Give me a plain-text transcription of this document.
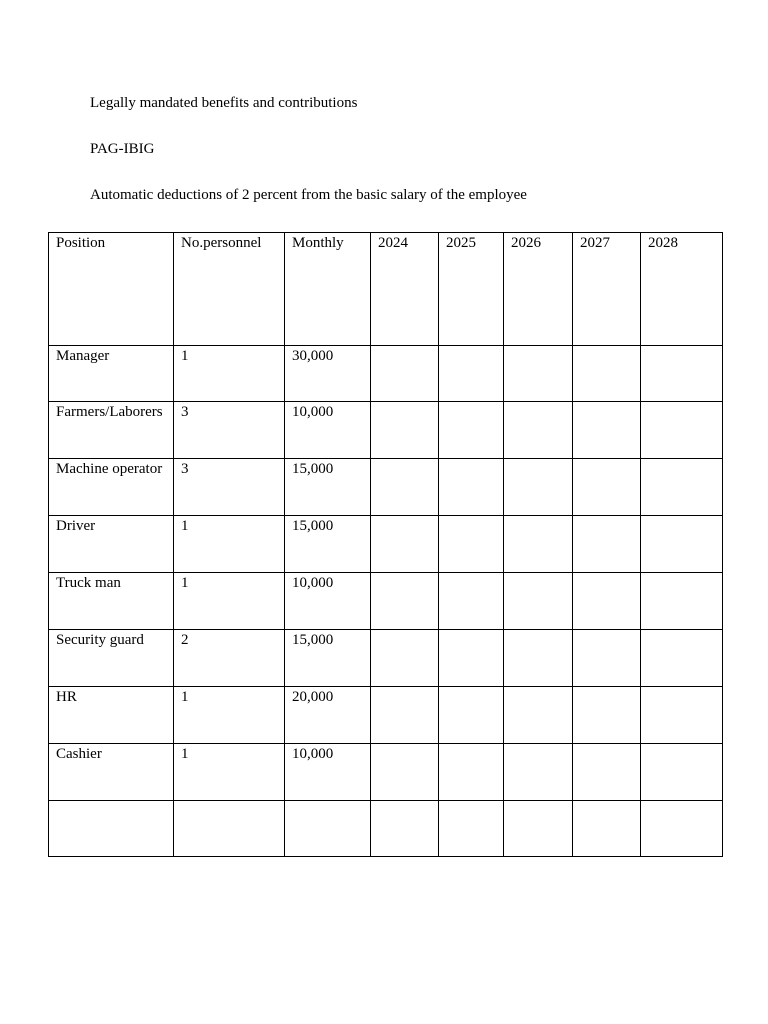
Legally mandated benefits and contributions

PAG-IBIG

Automatic deductions of 2 percent from the basic salary of the employee

Position	No.personnel	Monthly	2024	2025	2026	2027	2028
Manager	1	30,000					
Farmers/Laborers	3	10,000					
Machine operator	3	15,000					
Driver	1	15,000					
Truck man	1	10,000					
Security guard	2	15,000					
HR	1	20,000					
Cashier	1	10,000					
